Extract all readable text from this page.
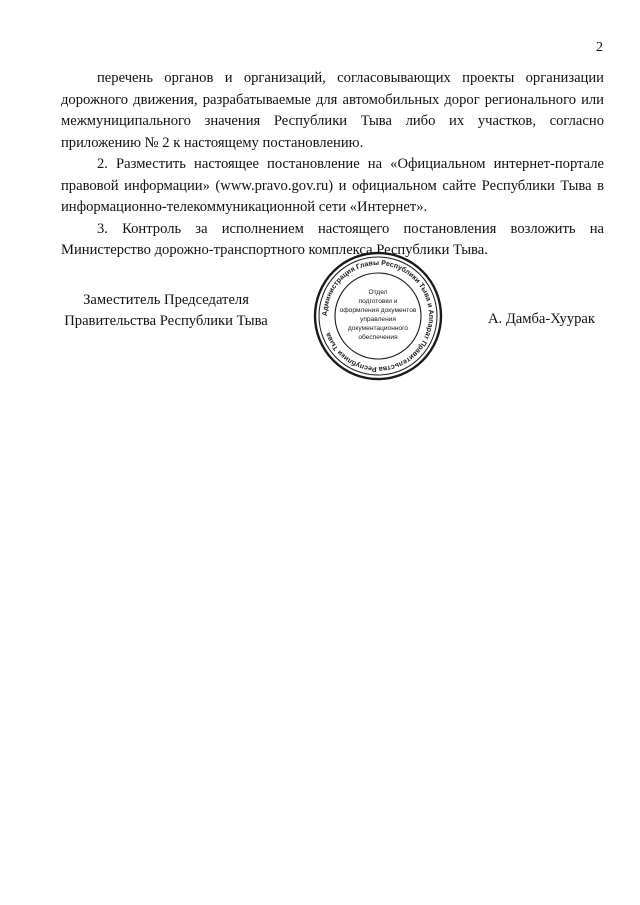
2

перечень органов и организаций, согласовывающих проекты организации дорожного движения, разрабатываемые для автомобильных дорог регионального или межмуниципального значения Республики Тыва либо их участков, согласно приложению № 2 к настоящему постановлению.

2. Разместить настоящее постановление на «Официальном интернет-портале правовой информации» (www.pravo.gov.ru) и официальном сайте Республики Тыва в информационно-телекоммуникационной сети «Интернет».

3. Контроль за исполнением настоящего постановления возложить на Министерство дорожно-транспортного комплекса Республики Тыва.

Заместитель Председателя
Правительства Республики Тыва	А. Дамба-Хуурак
Администрация Главы Республики Тыва и Аппарат Правительства Республики Тыва
Отдел
подготовки и
оформления документов
управления
документационного
обеспечения
